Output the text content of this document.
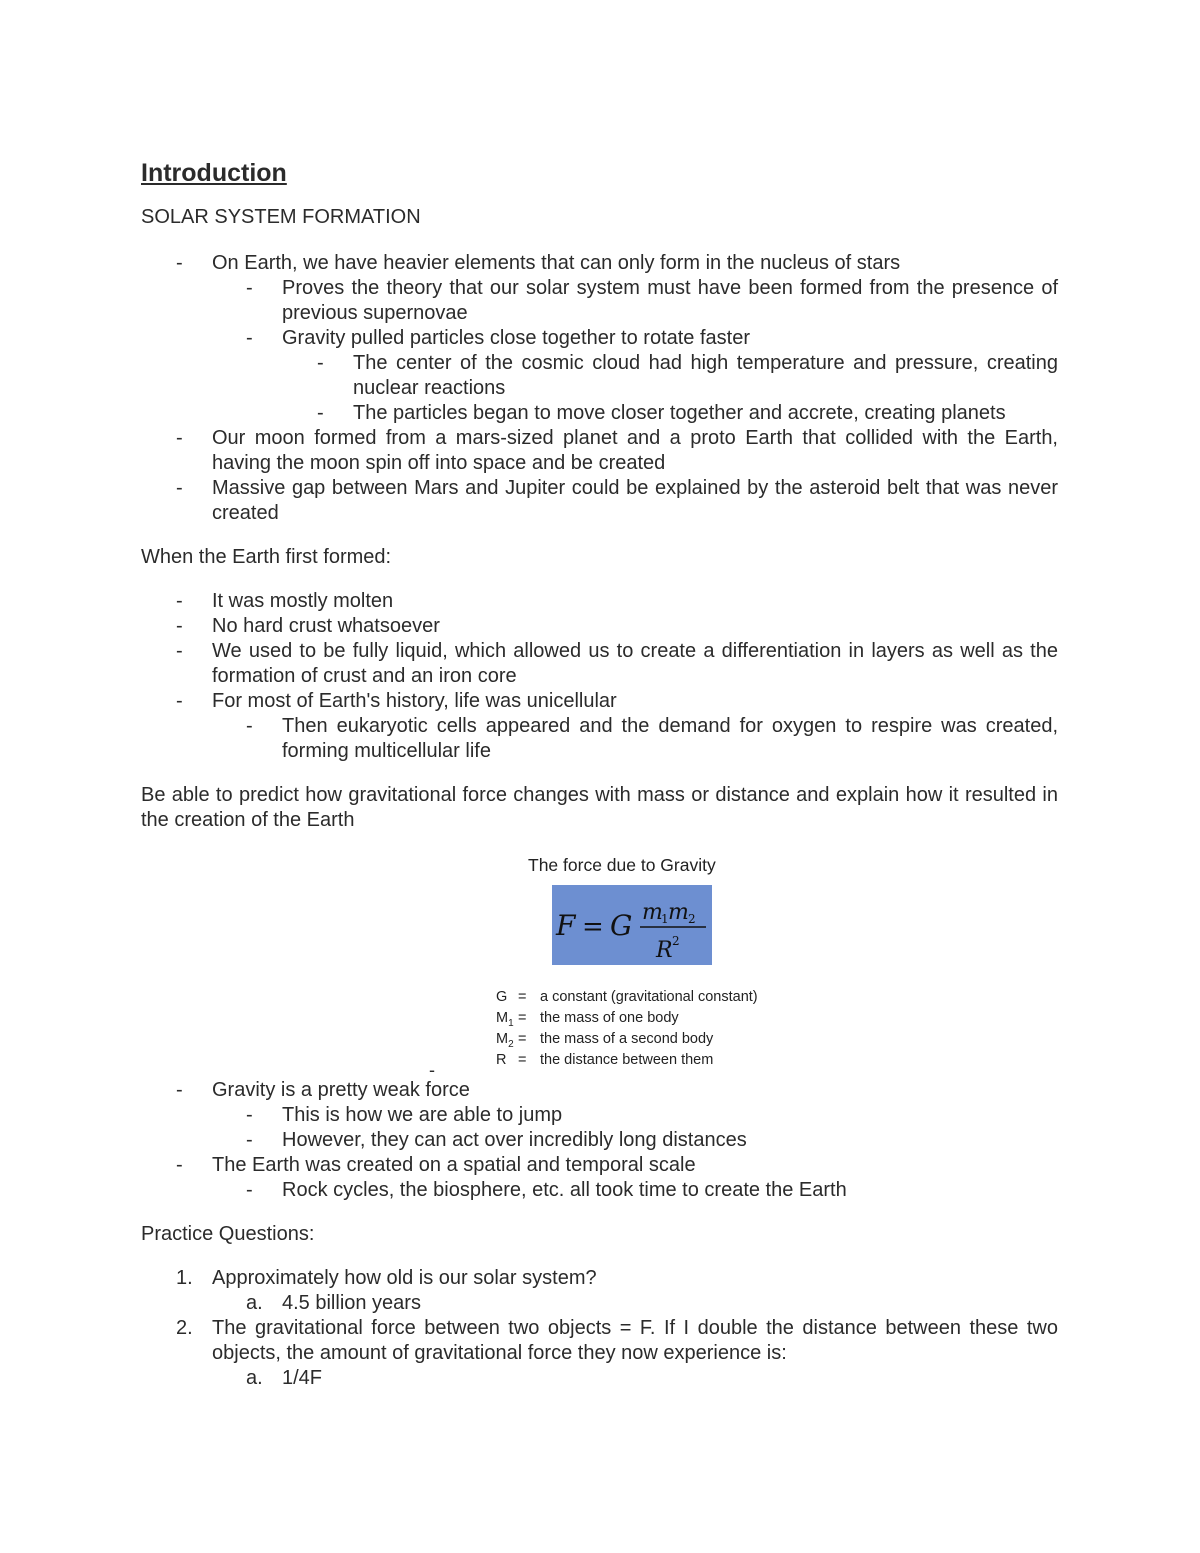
Introduction

SOLAR SYSTEM FORMATION

-	On Earth, we have heavier elements that can only form in the nucleus of stars
-	Proves the theory that our solar system must have been formed from the presence of previous supernovae
-	Gravity pulled particles close together to rotate faster
-	The center of the cosmic cloud had high temperature and pressure, creating nuclear reactions
-	The particles began to move closer together and accrete, creating planets
-	Our moon formed from a mars-sized planet and a proto Earth that collided with the Earth, having the moon spin off into space and be created
-	Massive gap between Mars and Jupiter could be explained by the asteroid belt that was never created

When the Earth first formed:

-	It was mostly molten
-	No hard crust whatsoever
-	We used to be fully liquid, which allowed us to create a differentiation in layers as well as the formation of crust and an iron core
-	For most of Earth's history, life was unicellular
-	Then eukaryotic cells appeared and the demand for oxygen to respire was created, forming multicellular life

Be able to predict how gravitational force changes with mass or distance and explain how it resulted in the creation of the Earth

The force due to Gravity
F = G m
1 m 2
R 2
G = a constant (gravitational constant)
$M_1$ = the mass of one body
$M_2$ = the mass of a second body
R = the distance between them
-
-	Gravity is a pretty weak force
-	This is how we are able to jump
-	However, they can act over incredibly long distances
-	The Earth was created on a spatial and temporal scale
-	Rock cycles, the biosphere, etc. all took time to create the Earth

Practice Questions:

1. Approximately how old is our solar system?
a. 4.5 billion years
2. The gravitational force between two objects = F. If I double the distance between these two objects, the amount of gravitational force they now experience is:
a. 1/4F
